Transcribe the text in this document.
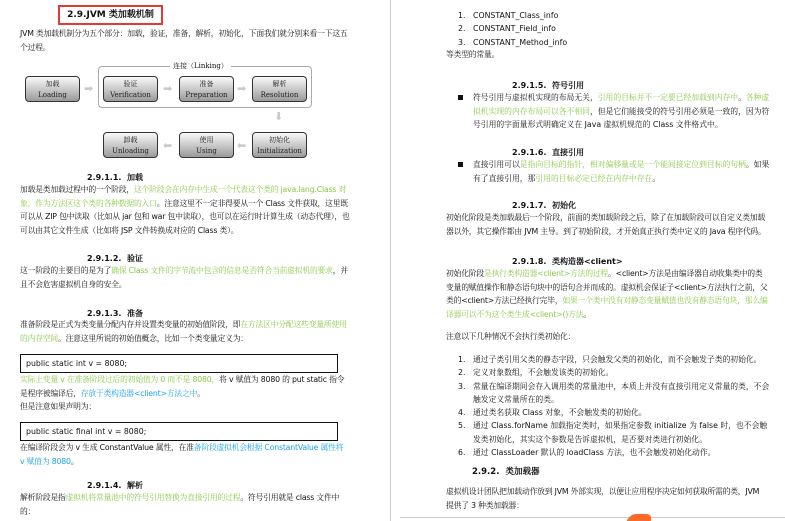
2.9.JVM 类加载机制
JVM 类加载机制分为五个部分：加载，验证，准备，解析，初始化，下面我们就分别来看一下这五个过程。
连接（Linking）
加载
Loading
验证
Verification
准备
Preparation
解析
Resolution
初始化
Initialization
使用
Using
卸载
Unloading
➡	➡	➡
⬇
⬅
⬅
2.9.1.1. 加载
加载是类加载过程中的一个阶段，这个阶段会在内存中生成一个代表这个类的 java.lang.Class 对象，作为方法区这个类的各种数据的入口。注意这里不一定非得要从一个 Class 文件获取，这里既可以从 ZIP 包中读取（比如从 jar 包和 war 包中读取），也可以在运行时计算生成（动态代理），也可以由其它文件生成（比如将 JSP 文件转换成对应的 Class 类）。
2.9.1.2. 验证
这一阶段的主要目的是为了确保 Class 文件的字节流中包含的信息是否符合当前虚拟机的要求，并且不会危害虚拟机自身的安全。
2.9.1.3. 准备
准备阶段是正式为类变量分配内存并设置类变量的初始值阶段，即在方法区中分配这些变量所使用的内存空间。注意这里所说的初始值概念，比如一个类变量定义为：
public static int v = 8080;
实际上变量 v 在准备阶段过后的初始值为 0 而不是 8080，将 v 赋值为 8080 的 put static 指令是程序被编译后，存放于类构造器<client>方法之中。
但是注意如果声明为：
public static final int v = 8080;
在编译阶段会为 v 生成 ConstantValue 属性，在准备阶段虚拟机会根据 ConstantValue 属性将 v 赋值为 8080。
2.9.1.4. 解析
解析阶段是指虚拟机将常量池中的符号引用替换为直接引用的过程。符号引用就是 class 文件中的：
1. CONSTANT_Class_info
2. CONSTANT_Field_info
3. CONSTANT_Method_info
等类型的常量。
2.9.1.5. 符号引用
符号引用与虚拟机实现的布局无关，引用的目标并不一定要已经加载到内存中。各种虚拟机实现的内存布局可以各不相同，但是它们能接受的符号引用必须是一致的，因为符号引用的字面量形式明确定义在 Java 虚拟机规范的 Class 文件格式中。
2.9.1.6. 直接引用
直接引用可以是指向目标的指针，相对偏移量或是一个能间接定位到目标的句柄。如果有了直接引用，那引用的目标必定已经在内存中存在。
2.9.1.7. 初始化
初始化阶段是类加载最后一个阶段，前面的类加载阶段之后，除了在加载阶段可以自定义类加载器以外，其它操作都由 JVM 主导。到了初始阶段，才开始真正执行类中定义的 Java 程序代码。
2.9.1.8. 类构造器<client>
初始化阶段是执行类构造器<client>方法的过程。<client>方法是由编译器自动收集类中的类变量的赋值操作和静态语句块中的语句合并而成的。虚拟机会保证子<client>方法执行之前，父类的<client>方法已经执行完毕，如果一个类中没有对静态变量赋值也没有静态语句块，那么编译器可以不为这个类生成<client>()方法。
注意以下几种情况不会执行类初始化：
1. 通过子类引用父类的静态字段，只会触发父类的初始化，而不会触发子类的初始化。
2. 定义对象数组，不会触发该类的初始化。
3. 常量在编译期间会存入调用类的常量池中，本质上并没有直接引用定义常量的类，不会触发定义常量所在的类。
4. 通过类名获取 Class 对象，不会触发类的初始化。
5. 通过 Class.forName 加载指定类时，如果指定参数 initialize 为 false 时，也不会触发类初始化，其实这个参数是告诉虚拟机，是否要对类进行初始化。
6. 通过 ClassLoader 默认的 loadClass 方法，也不会触发初始化动作。
2.9.2. 类加载器
虚拟机设计团队把加载动作放到 JVM 外部实现，以便让应用程序决定如何获取所需的类，JVM 提供了 3 种类加载器：
